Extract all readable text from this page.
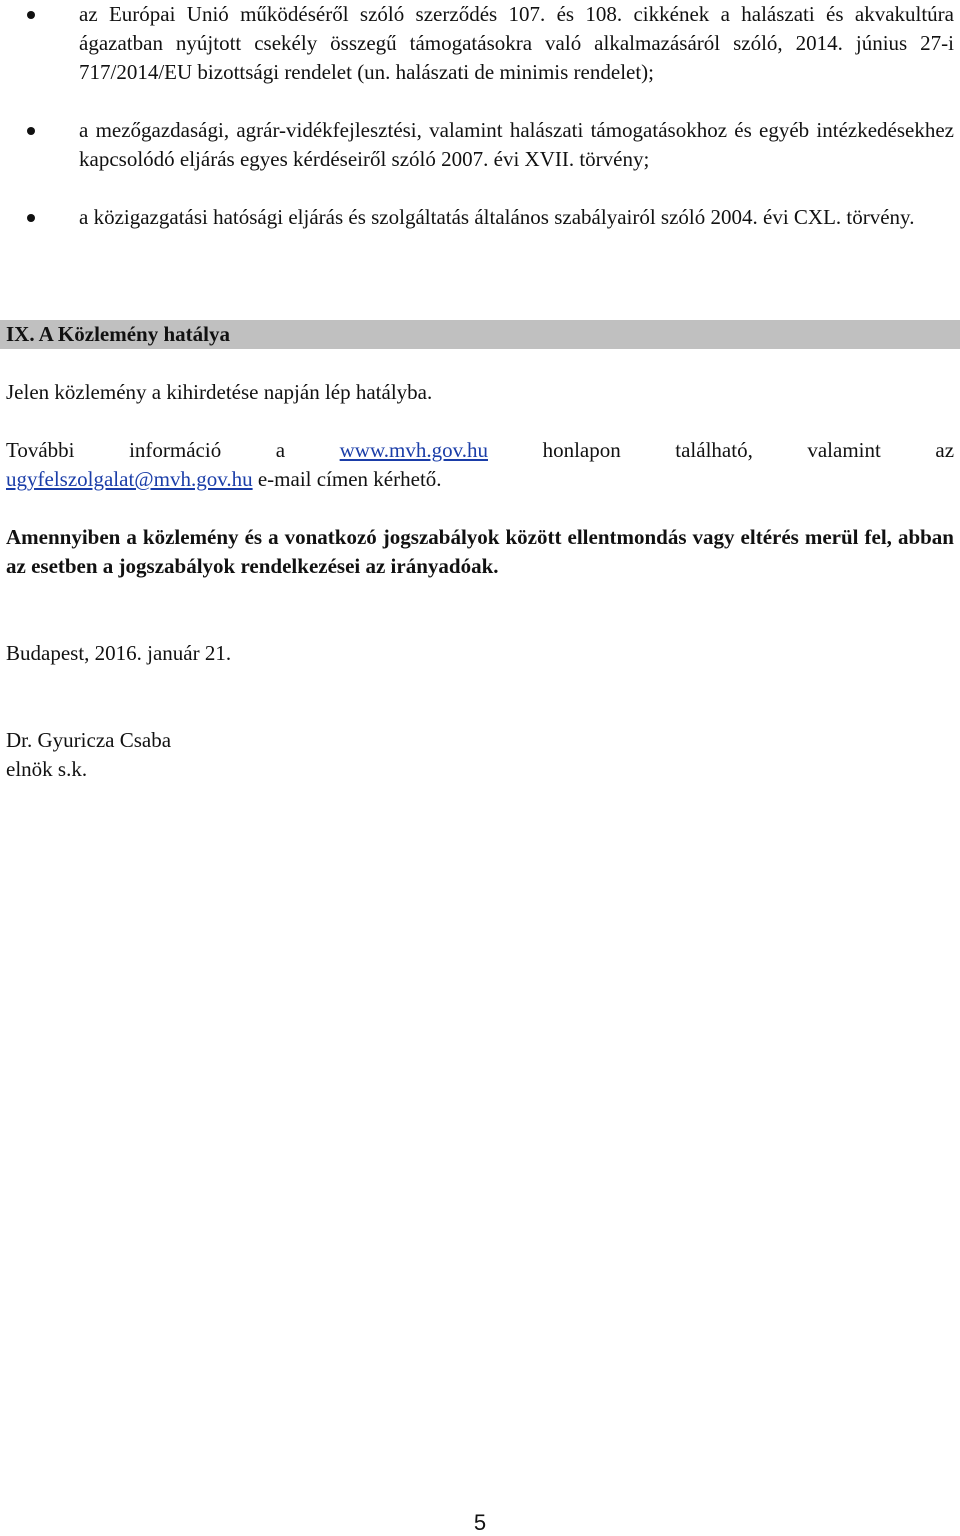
az Európai Unió működéséről szóló szerződés 107. és 108. cikkének a halászati és akvakultúra ágazatban nyújtott csekély összegű támogatásokra való alkalmazásáról szóló, 2014. június 27-i 717/2014/EU bizottsági rendelet (un. halászati de minimis rendelet);
a mezőgazdasági, agrár-vidékfejlesztési, valamint halászati támogatásokhoz és egyéb intézkedésekhez kapcsolódó eljárás egyes kérdéseiről szóló 2007. évi XVII. törvény;
a közigazgatási hatósági eljárás és szolgáltatás általános szabályairól szóló 2004. évi CXL. törvény.
IX. A Közlemény hatálya

Jelen közlemény a kihirdetése napján lép hatályba.

További információ a	www.mvh.gov.hu	honlapon található, valamint az

ugyfelszolgalat@mvh.gov.hu e-mail címen kérhető.

Amennyiben a közlemény és a vonatkozó jogszabályok között ellentmondás vagy eltérés merül fel, abban az esetben a jogszabályok rendelkezései az irányadóak.

Budapest, 2016. január 21.

Dr. Gyuricza Csaba

elnök s.k.

5
